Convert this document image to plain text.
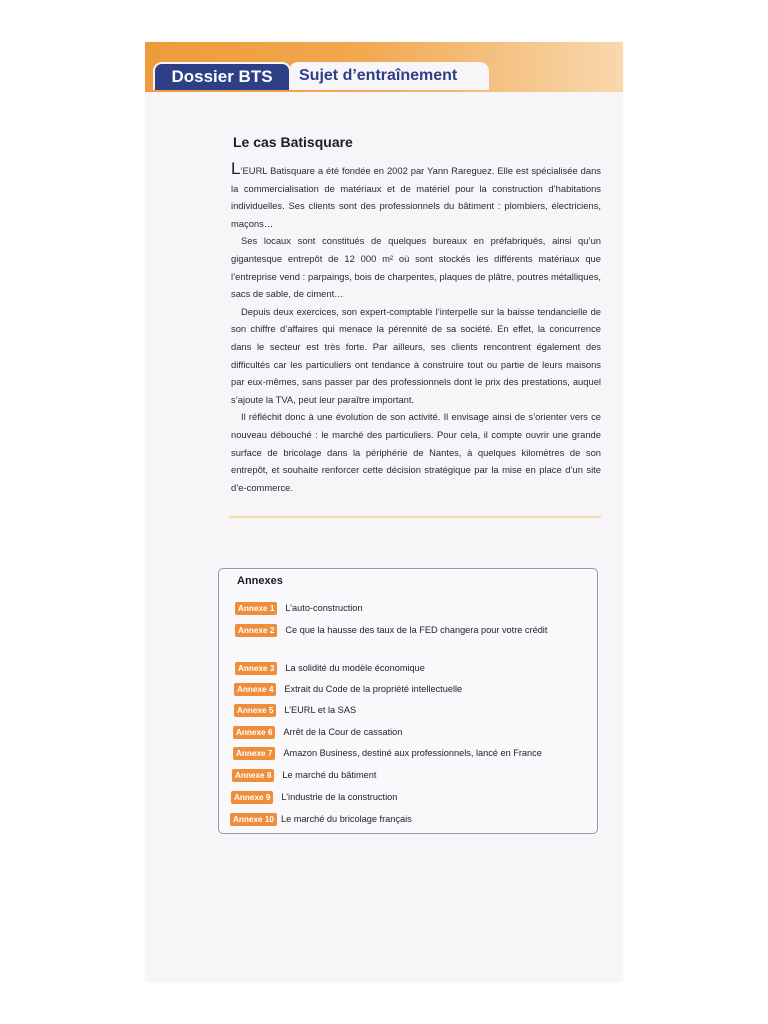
Dossier BTS	Sujet d’entraînement
Le cas Batisquare

L’EURL Batisquare a été fondée en 2002 par Yann Rareguez. Elle est spécialisée dans la commercialisation de matériaux et de matériel pour la construction d’habitations individuelles. Ses clients sont des professionnels du bâtiment : plombiers, électriciens, maçons…

Ses locaux sont constitués de quelques bureaux en préfabriqués, ainsi qu’un gigantesque entrepôt de 12 000 m² où sont stockés les différents matériaux que l’entreprise vend : parpaings, bois de charpentes, plaques de plâtre, poutres métalliques, sacs de sable, de ciment…

Depuis deux exercices, son expert-comptable l’interpelle sur la baisse tendancielle de son chiffre d’affaires qui menace la pérennité de sa société. En effet, la concurrence dans le secteur est très forte. Par ailleurs, ses clients rencontrent également des difficultés car les particuliers ont tendance à construire tout ou partie de leurs maisons par eux-mêmes, sans passer par des professionnels dont le prix des prestations, auquel s’ajoute la TVA, peut leur paraître important.

Il réfléchit donc à une évolution de son activité. Il envisage ainsi de s’orienter vers ce nouveau débouché : le marché des particuliers. Pour cela, il compte ouvrir une grande surface de bricolage dans la périphérie de Nantes, à quelques kilomètres de son entrepôt, et souhaite renforcer cette décision stratégique par la mise en place d’un site d’e-commerce.

Annexes
Annexe 1	L’auto-construction
Annexe 2	Ce que la hausse des taux de la FED changera pour votre crédit
Annexe 3	La solidité du modèle économique
Annexe 4	Extrait du Code de la propriété intellectuelle
Annexe 5	L’EURL et la SAS
Annexe 6	Arrêt de la Cour de cassation
Annexe 7	Amazon Business, destiné aux professionnels, lancé en France
Annexe 8	Le marché du bâtiment
Annexe 9	L’industrie de la construction
Annexe 10 Le marché du bricolage français
